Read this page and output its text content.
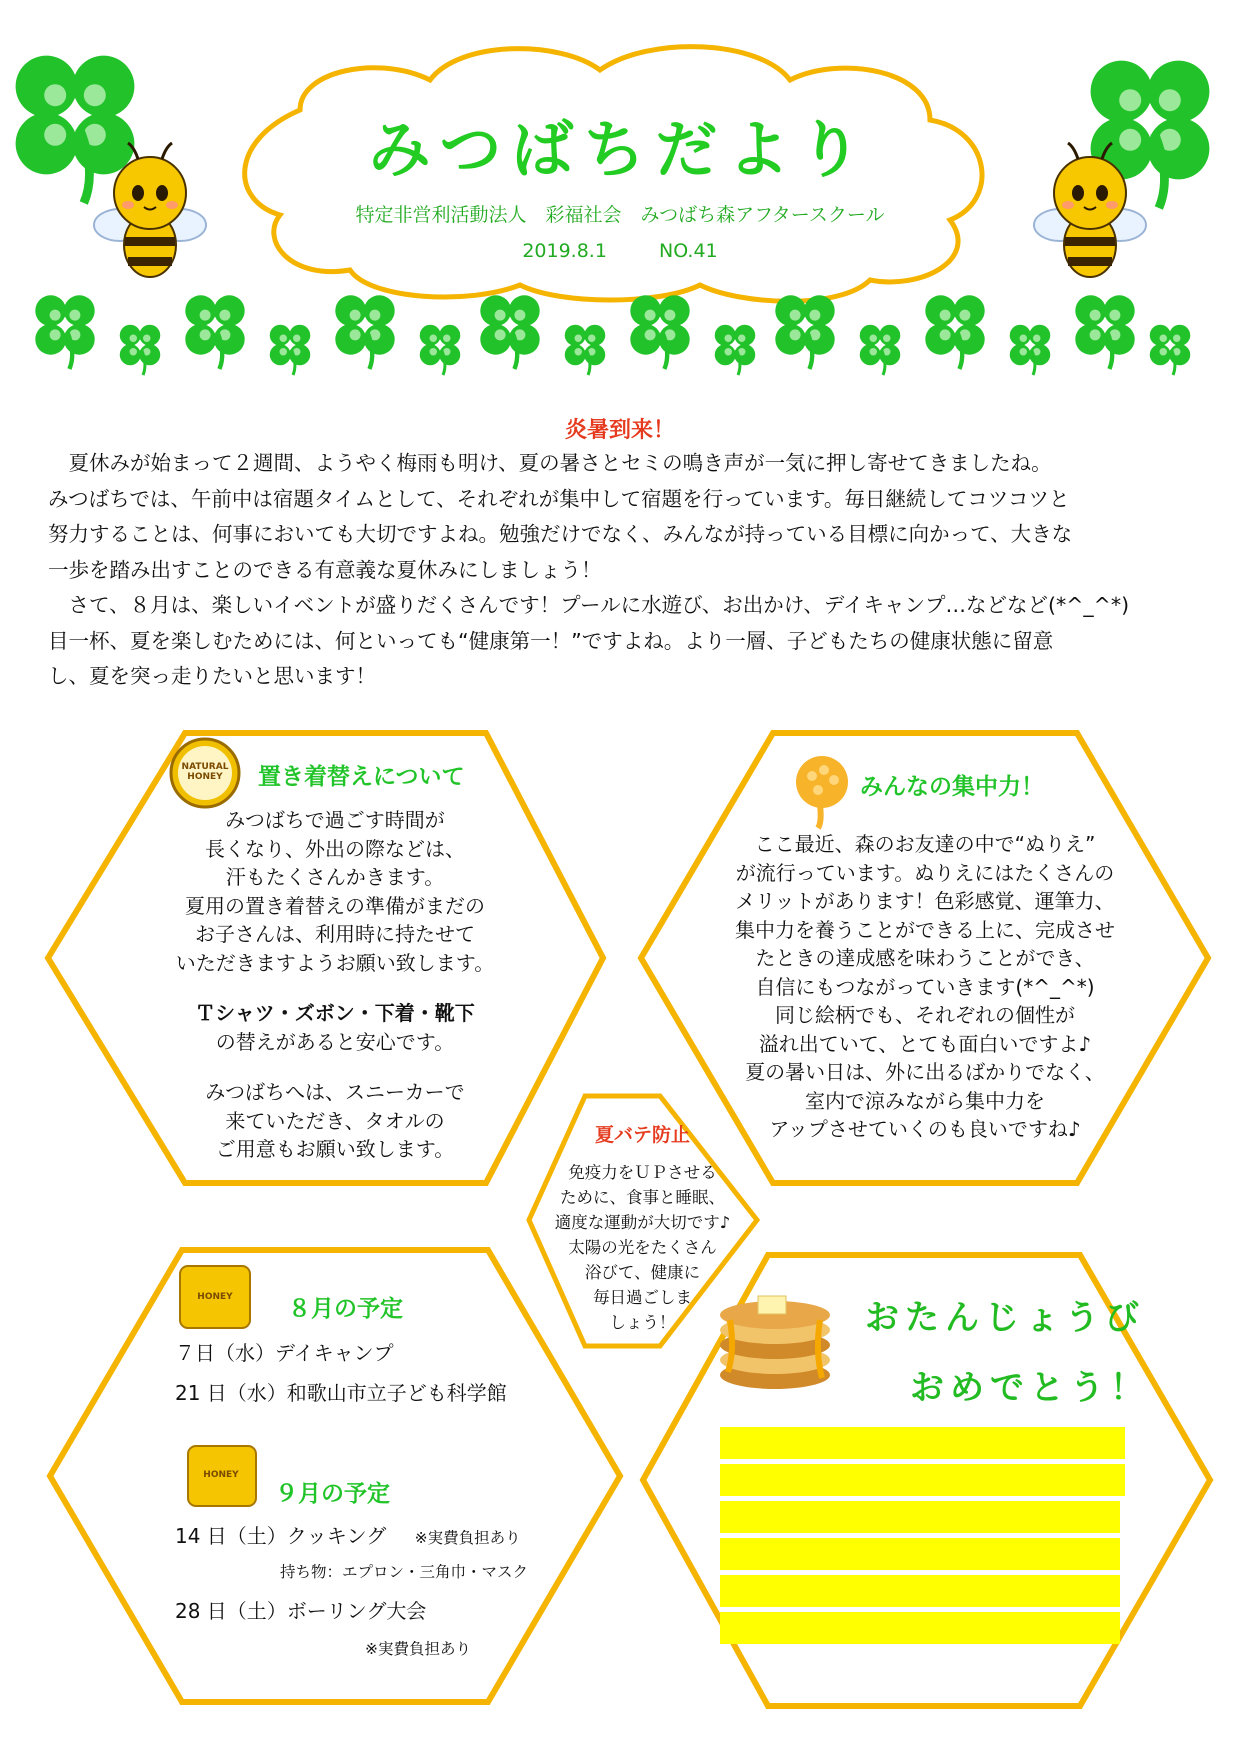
みつばちだより
特定非営利活動法人　彩福社会　みつばち森アフタースクール
2019.8.1	NO.41
炎暑到来！

夏休みが始まって２週間、ようやく梅雨も明け、夏の暑さとセミの鳴き声が一気に押し寄せてきましたね。

みつばちでは、午前中は宿題タイムとして、それぞれが集中して宿題を行っています。毎日継続してコツコツと

努力することは、何事においても大切ですよね。勉強だけでなく、みんなが持っている目標に向かって、大きな

一歩を踏み出すことのできる有意義な夏休みにしましょう！

さて、８月は、楽しいイベントが盛りだくさんです！プールに水遊び、お出かけ、デイキャンプ…などなど(*^_^*)

目一杯、夏を楽しむためには、何といっても“健康第一！”ですよね。より一層、子どもたちの健康状態に留意

し、夏を突っ走りたいと思います！

NATURAL
HONEY	置き着替えについて
みつばちで過ごす時間が
長くなり、外出の際などは、
汗もたくさんかきます。
夏用の置き着替えの準備がまだの
お子さんは、利用時に持たせて
いただきますようお願い致します。
Ｔシャツ・ズボン・下着・靴下
の替えがあると安心です。
みつばちへは、スニーカーで
来ていただき、タオルの
ご用意もお願い致します。
みんなの集中力！
ここ最近、森のお友達の中で“ぬりえ”
が流行っています。ぬりえにはたくさんの
メリットがあります！色彩感覚、運筆力、
集中力を養うことができる上に、完成させ
たときの達成感を味わうことができ、
自信にもつながっていきます(*^_^*)
同じ絵柄でも、それぞれの個性が
溢れ出ていて、とても面白いですよ♪
夏の暑い日は、外に出るばかりでなく、
室内で涼みながら集中力を
アップさせていくのも良いですね♪
夏バテ防止
免疫力をＵＰさせる
ために、食事と睡眠、
適度な運動が大切です♪
太陽の光をたくさん
浴びて、健康に
毎日過ごしま
しょう！
HONEY	８月の予定
７日（水）デイキャンプ
21 日（水）和歌山市立子ども科学館
HONEY
９月の予定
14 日（土）クッキング ※実費負担あり
持ち物：エプロン・三角巾・マスク
28 日（土）ボーリング大会
※実費負担あり
おたんじょうび
おめでとう！
